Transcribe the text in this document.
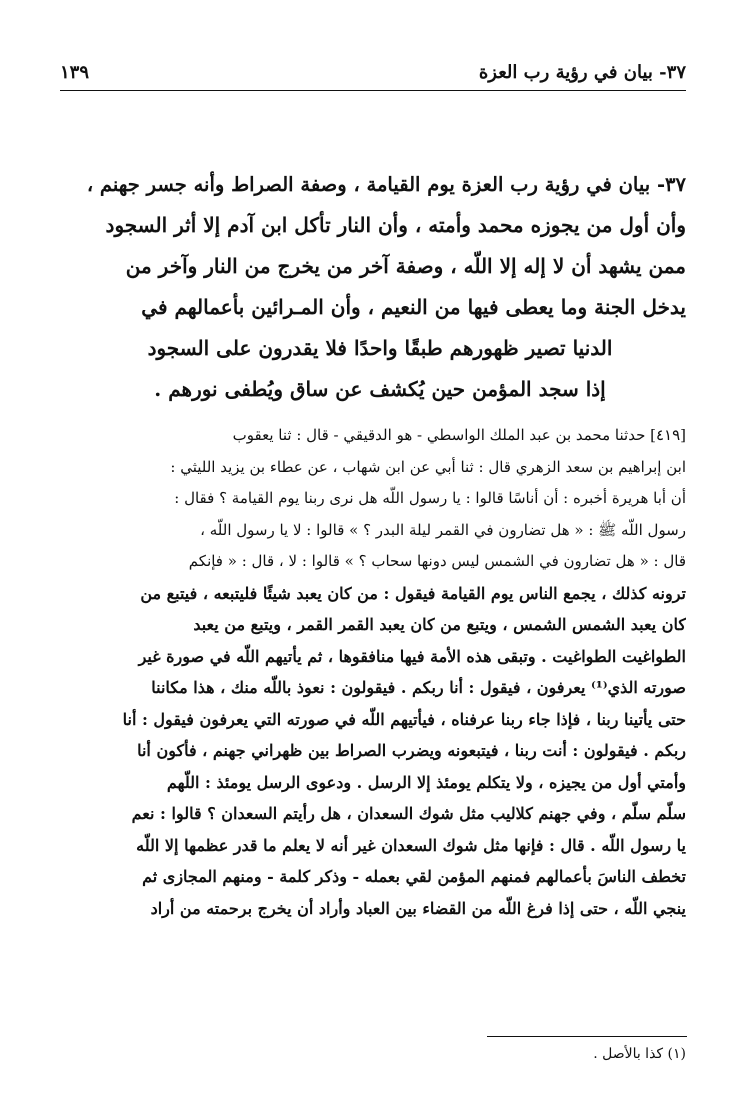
٣٧- بيان في رؤية رب العزة
١٣٩
٣٧- بيان في رؤية رب العزة يوم القيامة ، وصفة الصراط وأنه جسر جهنم ،
وأن أول من يجوزه محمد وأمته ، وأن النار تأكل ابن آدم إلا أثر السجود
ممن يشهد أن لا إله إلا اللّه ، وصفة آخر من يخرج من النار وآخر من
يدخل الجنة وما يعطى فيها من النعيم ، وأن المـرائين بأعمالهم في
الدنيا تصير ظهورهم طبقًا واحدًا فلا يقدرون على السجود
إذا سجد المؤمن حين يُكشف عن ساق ويُطفى نورهم .
[٤١٩] حدثنا محمد بن عبد الملك الواسطي - هو الدقيقي - قال : ثنا يعقوب
ابن إبراهيم بن سعد الزهري قال : ثنا أبي عن ابن شهاب ، عن عطاء بن يزيد الليثي :
أن أبا هريرة أخبره : أن أناسًا قالوا : يا رسول اللّه هل نرى ربنا يوم القيامة ؟ فقال :
رسول اللّه ﷺ : « هل تضارون في القمر ليلة البدر ؟ » قالوا : لا يا رسول اللّه ،
قال : « هل تضارون في الشمس ليس دونها سحاب ؟ » قالوا : لا ، قال : « فإنكم
ترونه كذلك ، يجمع الناس يوم القيامة فيقول : من كان يعبد شيئًا فليتبعه ، فيتبع من
كان يعبد الشمس الشمس ، ويتبع من كان يعبد القمر القمر ، ويتبع من يعبد
الطواغيت الطواغيت . وتبقى هذه الأمة فيها منافقوها ، ثم يأتيهم اللّه في صورة غير
صورته الذي⁽¹⁾ يعرفون ، فيقول : أنا ربكم . فيقولون : نعوذ باللّه منك ، هذا مكاننا
حتى يأتينا ربنا ، فإذا جاء ربنا عرفناه ، فيأتيهم اللّه في صورته التي يعرفون فيقول : أنا
ربكم . فيقولون : أنت ربنا ، فيتبعونه ويضرب الصراط بين ظهراني جهنم ، فأكون أنا
وأمتي أول من يجيزه ، ولا يتكلم يومئذ إلا الرسل . ودعوى الرسل يومئذ : اللّهم
سلّم سلّم ، وفي جهنم كلاليب مثل شوك السعدان ، هل رأيتم السعدان ؟ قالوا : نعم
يا رسول اللّه . قال : فإنها مثل شوك السعدان غير أنه لا يعلم ما قدر عظمها إلا اللّه
تخطف الناسَ بأعمالهم فمنهم المؤمن لقي بعمله - وذكر كلمة - ومنهم المجازى ثم
ينجي اللّه ، حتى إذا فرغ اللّه من القضاء بين العباد وأراد أن يخرج برحمته من أراد
(١) كذا بالأصل .
